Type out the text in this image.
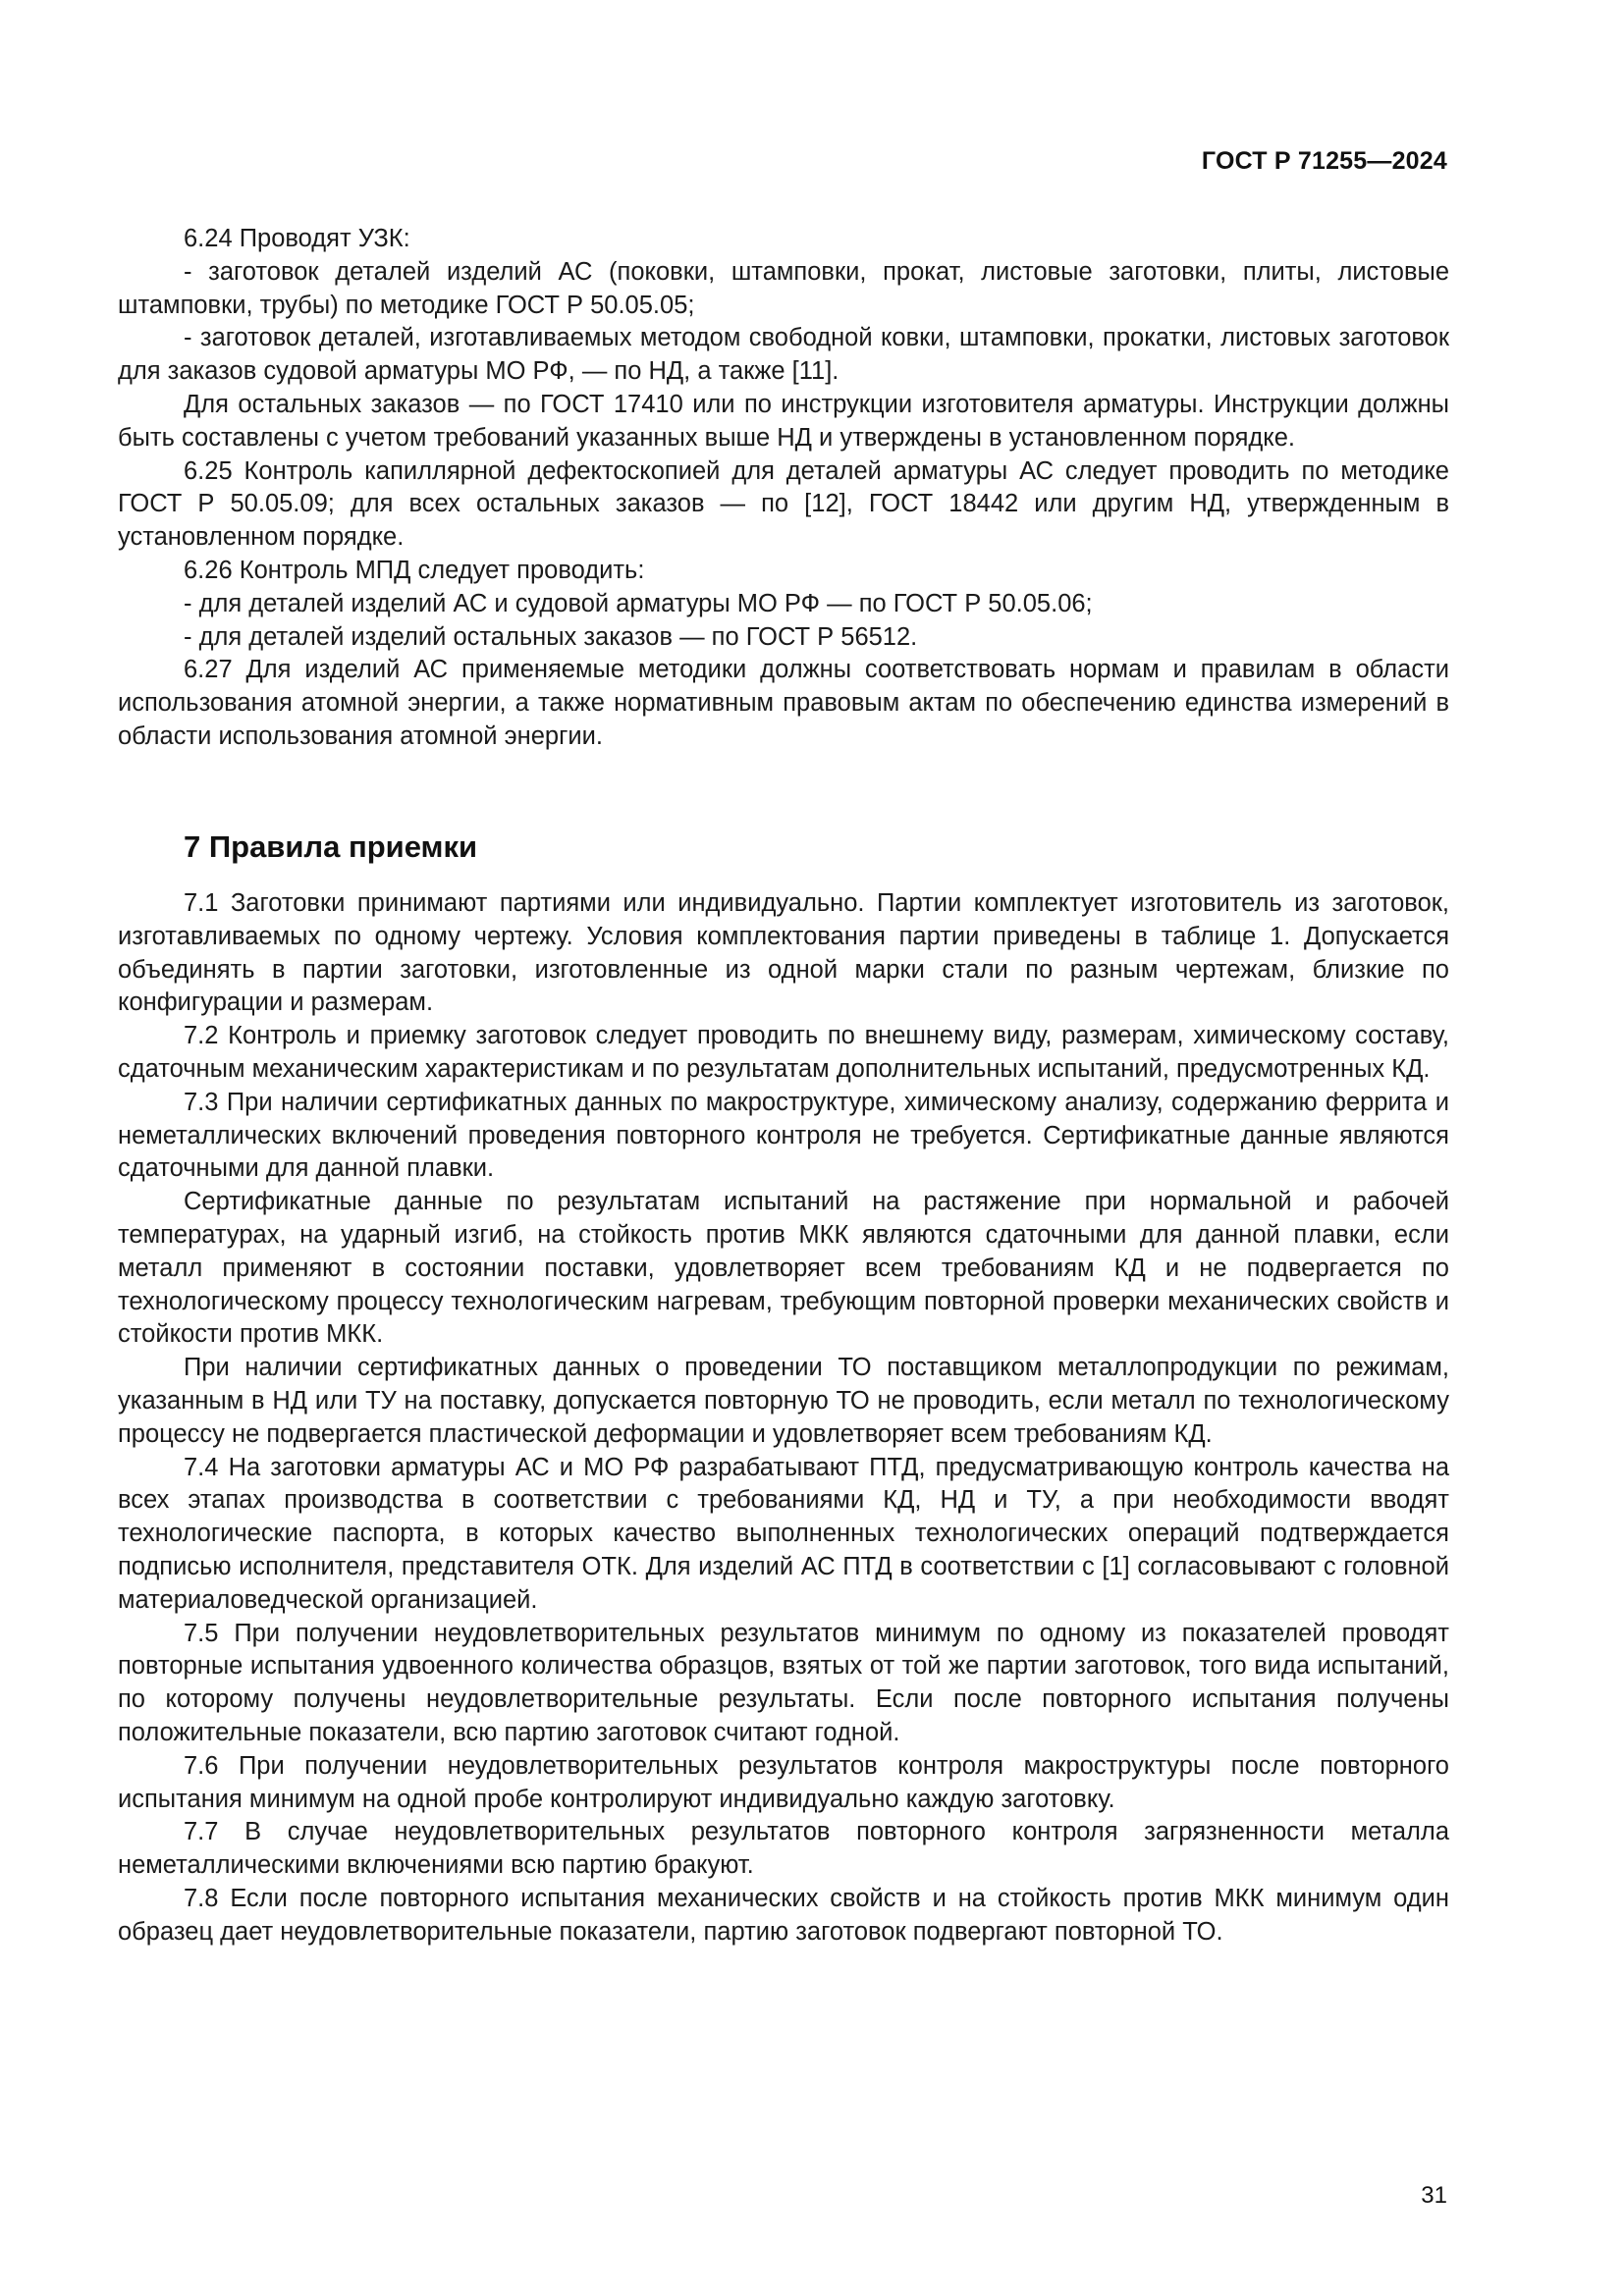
ГОСТ Р 71255—2024

6.24 Проводят УЗК:

- заготовок деталей изделий АС (поковки, штамповки, прокат, листовые заготовки, плиты, листовые штамповки, трубы) по методике ГОСТ Р 50.05.05;

- заготовок деталей, изготавливаемых методом свободной ковки, штамповки, прокатки, листовых заготовок для заказов судовой арматуры МО РФ, — по НД, а также [11].

Для остальных заказов — по ГОСТ 17410 или по инструкции изготовителя арматуры. Инструкции должны быть составлены с учетом требований указанных выше НД и утверждены в установленном порядке.

6.25 Контроль капиллярной дефектоскопией для деталей арматуры АС следует проводить по методике ГОСТ Р 50.05.09; для всех остальных заказов — по [12], ГОСТ 18442 или другим НД, утвержденным в установленном порядке.

6.26 Контроль МПД следует проводить:

- для деталей изделий АС и судовой арматуры МО РФ — по ГОСТ Р 50.05.06;

- для деталей изделий остальных заказов — по ГОСТ Р 56512.

6.27 Для изделий АС применяемые методики должны соответствовать нормам и правилам в области использования атомной энергии, а также нормативным правовым актам по обеспечению единства измерений в области использования атомной энергии.

7 Правила приемки

7.1 Заготовки принимают партиями или индивидуально. Партии комплектует изготовитель из заготовок, изготавливаемых по одному чертежу. Условия комплектования партии приведены в таблице 1. Допускается объединять в партии заготовки, изготовленные из одной марки стали по разным чертежам, близкие по конфигурации и размерам.

7.2 Контроль и приемку заготовок следует проводить по внешнему виду, размерам, химическому составу, сдаточным механическим характеристикам и по результатам дополнительных испытаний, предусмотренных КД.

7.3 При наличии сертификатных данных по макроструктуре, химическому анализу, содержанию феррита и неметаллических включений проведения повторного контроля не требуется. Сертификатные данные являются сдаточными для данной плавки.

Сертификатные данные по результатам испытаний на растяжение при нормальной и рабочей температурах, на ударный изгиб, на стойкость против МКК являются сдаточными для данной плавки, если металл применяют в состоянии поставки, удовлетворяет всем требованиям КД и не подвергается по технологическому процессу технологическим нагревам, требующим повторной проверки механических свойств и стойкости против МКК.

При наличии сертификатных данных о проведении ТО поставщиком металлопродукции по режимам, указанным в НД или ТУ на поставку, допускается повторную ТО не проводить, если металл по технологическому процессу не подвергается пластической деформации и удовлетворяет всем требованиям КД.

7.4 На заготовки арматуры АС и МО РФ разрабатывают ПТД, предусматривающую контроль качества на всех этапах производства в соответствии с требованиями КД, НД и ТУ, а при необходимости вводят технологические паспорта, в которых качество выполненных технологических операций подтверждается подписью исполнителя, представителя ОТК. Для изделий АС ПТД в соответствии с [1] согласовывают с головной материаловедческой организацией.

7.5 При получении неудовлетворительных результатов минимум по одному из показателей проводят повторные испытания удвоенного количества образцов, взятых от той же партии заготовок, того вида испытаний, по которому получены неудовлетворительные результаты. Если после повторного испытания получены положительные показатели, всю партию заготовок считают годной.

7.6 При получении неудовлетворительных результатов контроля макроструктуры после повторного испытания минимум на одной пробе контролируют индивидуально каждую заготовку.

7.7 В случае неудовлетворительных результатов повторного контроля загрязненности металла неметаллическими включениями всю партию бракуют.

7.8 Если после повторного испытания механических свойств и на стойкость против МКК минимум один образец дает неудовлетворительные показатели, партию заготовок подвергают повторной ТО.

31
